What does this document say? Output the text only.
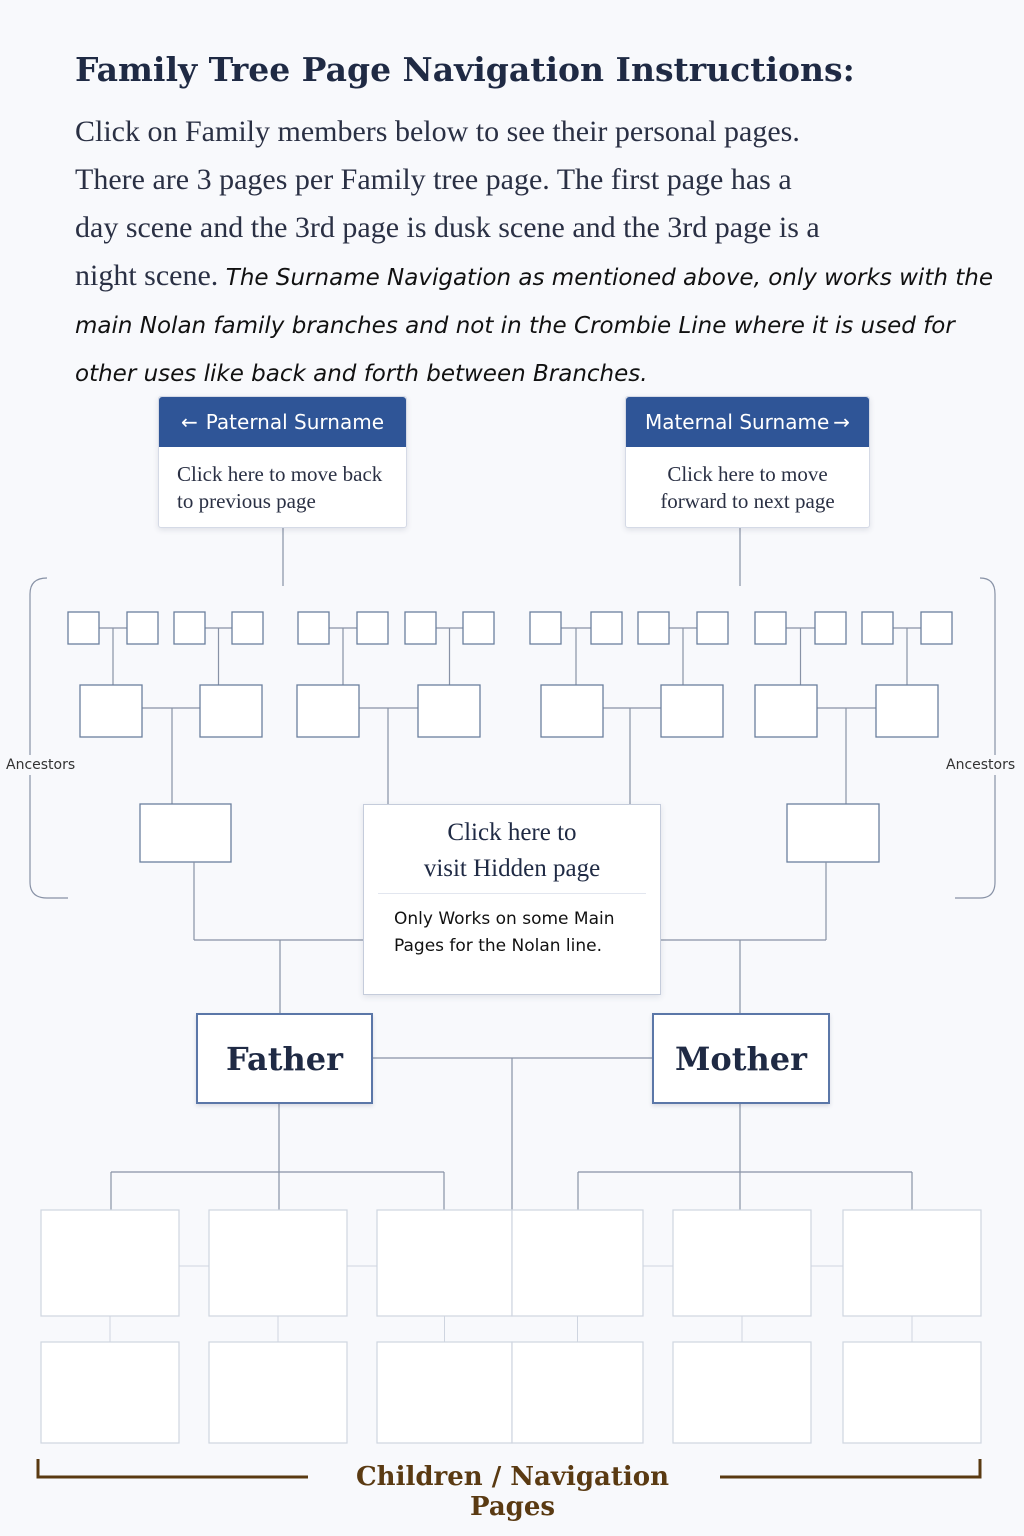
Family Tree Page Navigation Instructions:
Click on Family members below to see their personal pages.
There are 3 pages per Family tree page. The first page has a
day scene and the 3rd page is dusk scene and the 3rd page is a
night scene. The Surname Navigation as mentioned above, only works with the main Nolan family branches and not in the Crombie Line where it is used for other uses like back and forth between Branches.
← Paternal Surname
Click here to move back to previous page
Maternal Surname →
Click here to move forward to next page
Ancestors	Ancestors
Click here to
visit Hidden page
Only Works on some Main Pages for the Nolan line.
Father	Mother
Children / Navigation Pages
